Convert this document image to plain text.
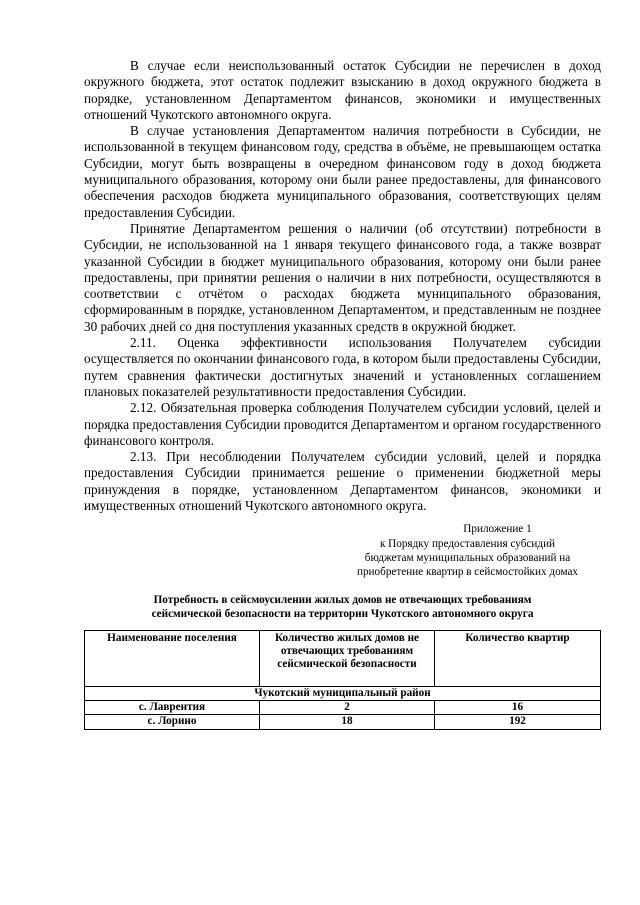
В случае если неиспользованный остаток Субсидии не перечислен в доход окружного бюджета, этот остаток подлежит взысканию в доход окружного бюджета в порядке, установленном Департаментом финансов, экономики и имущественных отношений Чукотского автономного округа.

В случае установления Департаментом наличия потребности в Субсидии, не использованной в текущем финансовом году, средства в объёме, не превышающем остатка Субсидии, могут быть возвращены в очередном финансовом году в доход бюджета муниципального образования, которому они были ранее предоставлены, для финансового обеспечения расходов бюджета муниципального образования, соответствующих целям предоставления Субсидии.

Принятие Департаментом решения о наличии (об отсутствии) потребности в Субсидии, не использованной на 1 января текущего финансового года, а также возврат указанной Субсидии в бюджет муниципального образования, которому они были ранее предоставлены, при принятии решения о наличии в них потребности, осуществляются в соответствии с отчётом о расходах бюджета муниципального образования, сформированным в порядке, установленном Департаментом, и представленным не позднее 30 рабочих дней со дня поступления указанных средств в окружной бюджет.

2.11. Оценка эффективности использования Получателем субсидии осуществляется по окончании финансового года, в котором были предоставлены Субсидии, путем сравнения фактически достигнутых значений и установленных соглашением плановых показателей результативности предоставления Субсидии.

2.12. Обязательная проверка соблюдения Получателем субсидии условий, целей и порядка предоставления Субсидии проводится Департаментом и органом государственного финансового контроля.

2.13. При несоблюдении Получателем субсидии условий, целей и порядка предоставления Субсидии принимается решение о применении бюджетной меры принуждения в порядке, установленном Департаментом финансов, экономики и имущественных отношений Чукотского автономного округа.

Приложение 1
к Порядку предоставления субсидий
бюджетам муниципальных образований на
приобретение квартир в сейсмостойких домах
Потребность в сейсмоусилении жилых домов не отвечающих требованиям
сейсмической безопасности на территории Чукотского автономного округа
Наименование поселения	Количество жилых домов не отвечающих требованиям сейсмической безопасности	Количество квартир
Чукотский муниципальный район		
с. Лаврентия	2	16
с. Лорино	18	192
